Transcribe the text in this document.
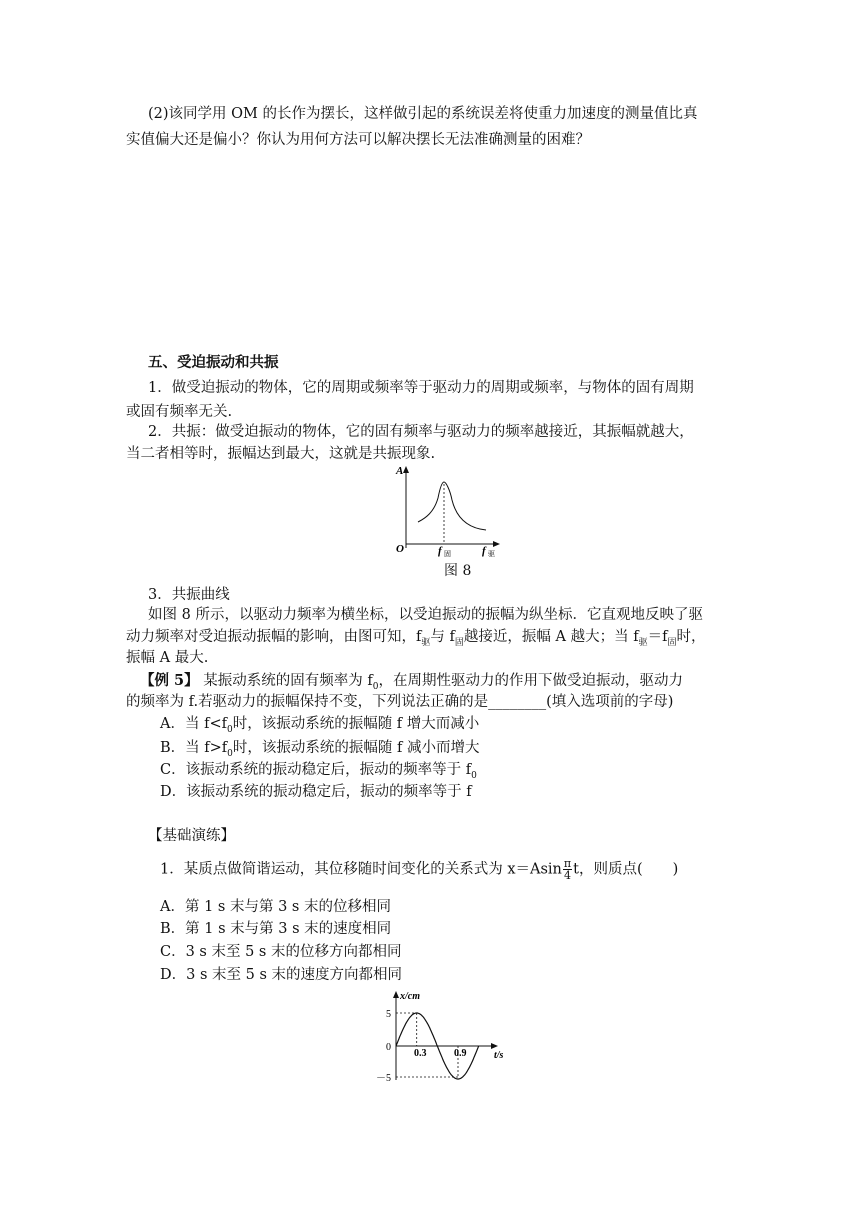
(2)该同学用 OM 的长作为摆长，这样做引起的系统误差将使重力加速度的测量值比真
实值偏大还是偏小？你认为用何方法可以解决摆长无法准确测量的困难？
五、受迫振动和共振
1．做受迫振动的物体，它的周期或频率等于驱动力的周期或频率，与物体的固有周期
或固有频率无关.
2．共振：做受迫振动的物体，它的固有频率与驱动力的频率越接近，其振幅就越大，
当二者相等时，振幅达到最大，这就是共振现象.
A
O	f 固	f 驱
图 8
3．共振曲线
如图 8 所示，以驱动力频率为横坐标，以受迫振动的振幅为纵坐标．它直观地反映了驱
动力频率对受迫振动振幅的影响，由图可知，$f_驱$与 $f_固$越接近，振幅 A 越大；当 $f_驱=f_固$时，
振幅 A 最大.
【例 5】 某振动系统的固有频率为 $f_0$，在周期性驱动力的作用下做受迫振动，驱动力
的频率为 f.若驱动力的振幅保持不变，下列说法正确的是________(填入选项前的字母)
A．当 $f<f_0$时，该振动系统的振幅随 f 增大而减小
B．当 $f>f_0$时，该振动系统的振幅随 f 减小而增大
C．该振动系统的振动稳定后，振动的频率等于 $f_0$
D．该振动系统的振动稳定后，振动的频率等于 f
【基础演练】
1．某质点做简谐运动，其位移随时间变化的关系式为 $x=Asin \frac{\pi}{4}$ t，则质点( )
A．第 1 s 末与第 3 s 末的位移相同
B．第 1 s 末与第 3 s 末的速度相同
C．3 s 末至 5 s 末的位移方向都相同
D．3 s 末至 5 s 末的速度方向都相同
x/cm
t/s
5
0
－5
0.3	0.9
